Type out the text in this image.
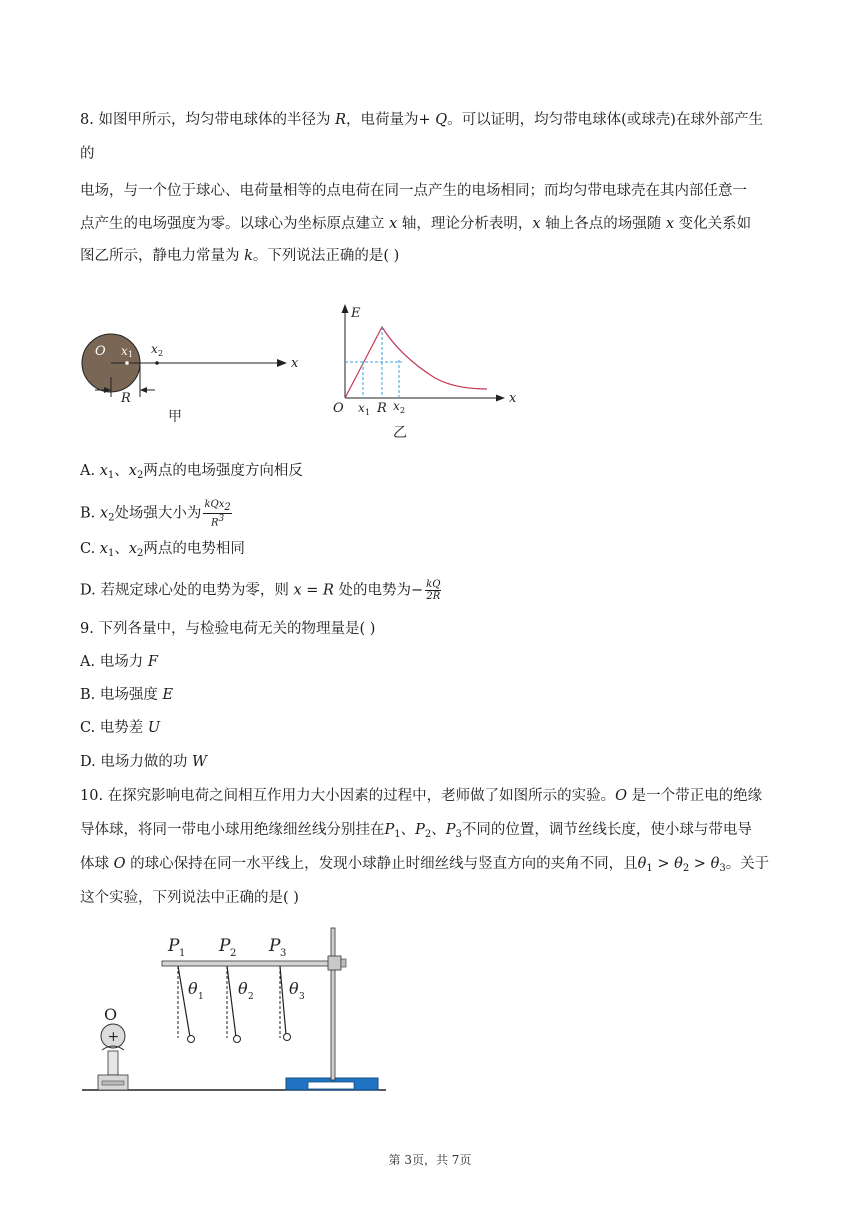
8. 如图甲所示，均匀带电球体的半径为 R，电荷量为+ Q。可以证明，均匀带电球体(或球壳)在球外部产生
的
电场，与一个位于球心、电荷量相等的点电荷在同一点产生的电场相同；而均匀带电球壳在其内部任意一
点产生的电场强度为零。以球心为坐标原点建立 x 轴，理论分析表明，x 轴上各点的场强随 x 变化关系如
图乙所示，静电力常量为 k。下列说法正确的是( )
O x 1 x 2
x
R
甲
E
O
x
x 1 R x 2
乙
A. $x_1$、$x_2$两点的电场强度方向相反
B. $x_2$处场强大小为 $\frac{kQx_2}{R^3}$
C. $x_1$、$x_2$两点的电势相同
D. 若规定球心处的电势为零，则 x = R 处的电势为− $\frac{kQ}{2R}$
9. 下列各量中，与检验电荷无关的物理量是( )
A. 电场力 F
B. 电场强度 E
C. 电势差 U
D. 电场力做的功 W
10. 在探究影响电荷之间相互作用力大小因素的过程中，老师做了如图所示的实验。O 是一个带正电的绝缘
导体球，将同一带电小球用绝缘细丝线分别挂在$P_1$、$P_2$、$P_3$不同的位置，调节丝线长度，使小球与带电导
体球 O 的球心保持在同一水平线上，发现小球静止时细丝线与竖直方向的夹角不同，且$\theta_1 > \theta_2 > \theta_3$。关于
这个实验，下列说法中正确的是( )
P 1 P 2 P 3
θ 1 θ 2 θ 3
O
+
第 3页，共 7页
